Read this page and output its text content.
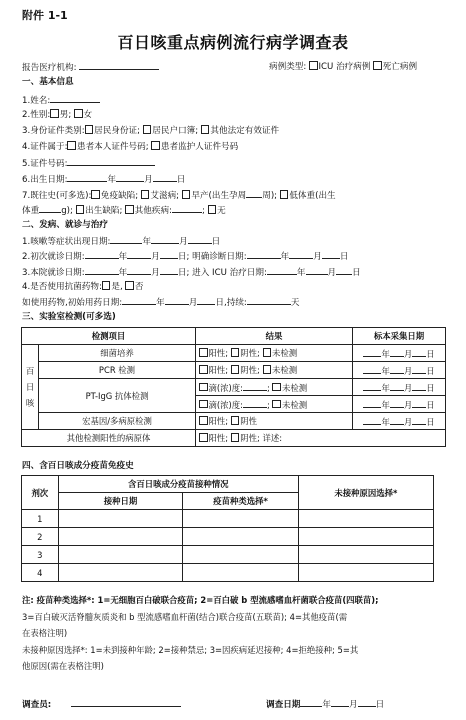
附件 1-1
百日咳重点病例流行病学调查表
报告医疗机构:	病例类型: ICU 治疗病例 死亡病例
一、基本信息
1.姓名:
2.性别: 男; 女
3.身份证件类别: 居民身份证; 居民户口簿; 其他法定有效证件
4.证件属于: 患者本人证件号码; 患者监护人证件号码
5.证件号码:
6.出生日期:	年	月	日
7.既往史(可多选): 免疫缺陷; 艾滋病; 早产(出生孕周 周); 低体重(出生
体重	g); 出生缺陷; 其他疾病:	; 无
二、发病、就诊与治疗
1.咳嗽等症状出现日期:	年	月	日
2.初次就诊日期:	年	月 日; 明确诊断日期:	年	月 日
3.本院就诊日期:	年	月 日; 进入 ICU 治疗日期:	年	月 日
4.是否使用抗菌药物: 是, 否
如使用药物,初始用药日期:	年	月 日,持续:	天
三、实验室检测(可多选)
检测项目		结果	标本采集日期
百日咳	细菌培养	阳性; 阴性; 未检测	年 月 日
	PCR 检测	阳性; 阴性; 未检测	年 月 日
	PT-IgG 抗体检测	滴(浓)度: ; 未检测	年 月 日
		滴(浓)度: ; 未检测	年 月 日
	宏基因/多病原检测	阳性; 阴性	年 月 日
其他检测阳性的病原体		阳性; 阴性; 详述:	
四、含百日咳成分疫苗免疫史
剂次	含百日咳成分疫苗接种情况		未接种原因选择*
	接种日期	疫苗种类选择*	
1			
2			
3			
4			
注: 疫苗种类选择*: 1=无细胞百白破联合疫苗; 2=百白破 b 型流感嗜血杆菌联合疫苗(四联苗);
3=百白破灭活脊髓灰质炎和 b 型流感嗜血杆菌(结合)联合疫苗(五联苗); 4=其他疫苗(需
在表格注明)
未接种原因选择*: 1=未到接种年龄; 2=接种禁忌; 3=因疾病延迟接种; 4=拒绝接种; 5=其
他原因(需在表格注明)
调查员:	调查日期	年 月 日
